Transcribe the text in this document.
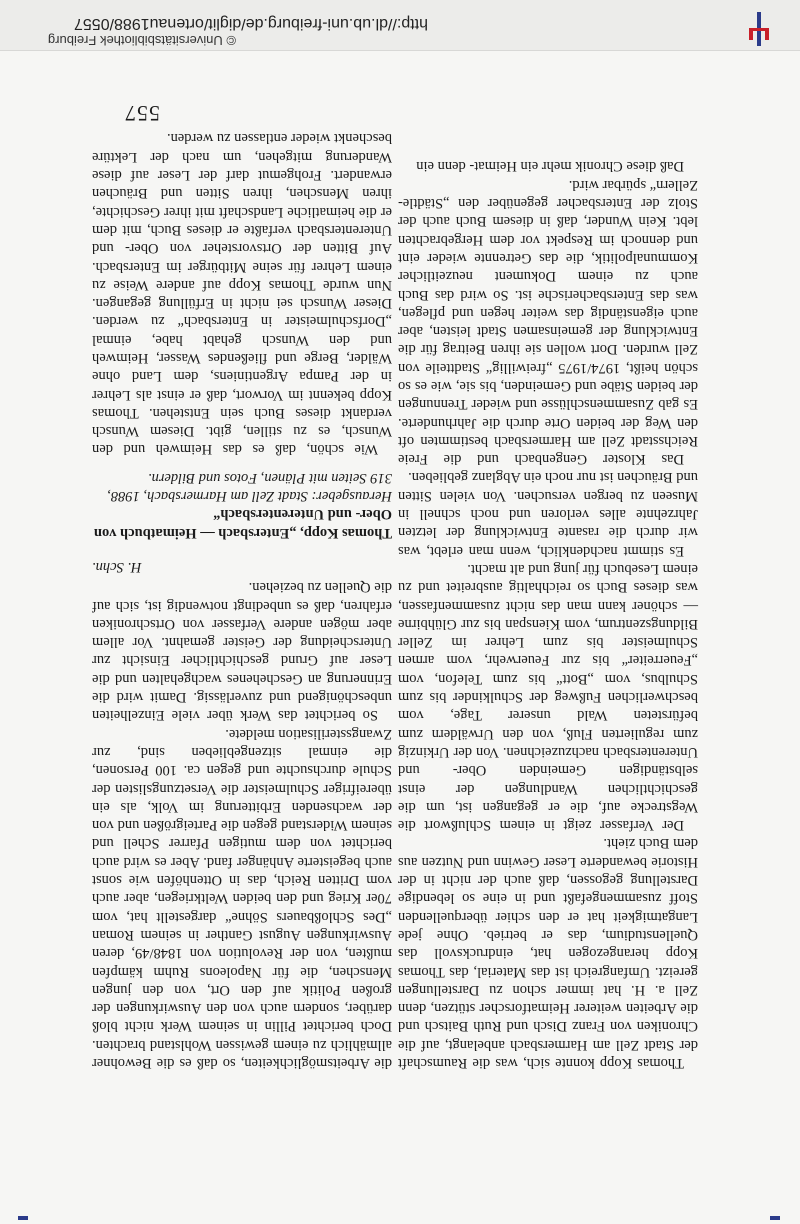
557

Thomas Kopp konnte sich, was die Raumschaft der Stadt Zell am Harmersbach anbelangt, auf die Chroniken von Franz Disch und Ruth Baitsch und die Arbeiten weiterer Heimatforscher stützen, denn Zell a. H. hat immer schon zu Darstellungen gereizt. Umfangreich ist das Material, das Thomas Kopp herangezogen hat, eindrucksvoll das Quellenstudium, das er betrieb. Ohne jede Langatmigkeit hat er den schier überquellenden Stoff zusammengefaßt und in eine so lebendige Darstellung gegossen, daß auch der nicht in der Historie bewanderte Leser Gewinn und Nutzen aus dem Buch zieht.

Der Verfasser zeigt in einem Schlußwort die Wegstrecke auf, die er gegangen ist, um die geschichtlichen Wandlungen der einst selbständigen Gemeinden Ober- und Unterentersbach nachzuzeichnen. Von der Urkinzig zum regulierten Fluß, von den Urwäldern zum befürsteten Wald unserer Tage, vom beschwerlichen Fußweg der Schulkinder bis zum Schulbus, vom „Bott“ bis zum Telefon, vom „Feuerreiter“ bis zur Feuerwehr, vom armen Schulmeister bis zum Lehrer im Zeller Bildungszentrum, vom Kienspan bis zur Glühbirne — schöner kann man das nicht zusammenfassen, was dieses Buch so reichhaltig ausbreitet und zu einem Lesebuch für jung und alt macht.

Es stimmt nachdenklich, wenn man erlebt, was wir durch die rasante Entwicklung der letzten Jahrzehnte alles verloren und noch schnell in Museen zu bergen versuchen. Von vielen Sitten und Bräuchen ist nur noch ein Abglanz geblieben.

Das Kloster Gengenbach und die Freie Reichsstadt Zell am Harmersbach bestimmten oft den Weg der beiden Orte durch die Jahrhunderte. Es gab Zusammenschlüsse und wieder Trennungen der beiden Stäbe und Gemeinden, bis sie, wie es so schön heißt, 1974/1975 „freiwillig“ Stadtteile von Zell wurden. Dort wollen sie ihren Beitrag für die Entwicklung der gemeinsamen Stadt leisten, aber auch eigenständig das weiter hegen und pflegen, was das Entersbacherische ist. So wird das Buch auch zu einem Dokument neuzeitlicher Kommunalpolitik, die das Getrennte wieder eint und dennoch im Respekt vor dem Hergebrachten lebt. Kein Wunder, daß in diesem Buch auch der Stolz der Entersbacher gegenüber den „Städtle-Zellern“ spürbar wird.

Daß diese Chronik mehr ein Heimat- denn ein

die Arbeitsmöglichkeiten, so daß es die Bewohner allmählich zu einem gewissen Wohlstand brachten. Doch berichtet Pillin in seinem Werk nicht bloß darüber, sondern auch von den Auswirkungen der großen Politik auf den Ort, von den jungen Menschen, die für Napoleons Ruhm kämpfen mußten, von der Revolution von 1848/49, deren Auswirkungen August Ganther in seinem Roman „Des Schloßbauers Söhne“ dargestellt hat, vom 70er Krieg und den beiden Weltkriegen, aber auch vom Dritten Reich, das in Ottenhöfen wie sonst auch begeisterte Anhänger fand. Aber es wird auch berichtet von dem mutigen Pfarrer Schell und seinem Widerstand gegen die Parteigrößen und von der wachsenden Erbitterung im Volk, als ein übereifriger Schulmeister die Versetzungslisten der Schule durchsuchte und gegen ca. 100 Personen, die einmal sitzengeblieben sind, zur Zwangssterilisation meldete.

So berichtet das Werk über viele Einzelheiten unbeschönigend und zuverlässig. Damit wird die Erinnerung an Geschehenes wachgehalten und die Leser auf Grund geschichtlicher Einsicht zur Unterscheidung der Geister gemahnt. Vor allem aber mögen andere Verfasser von Ortschroniken erfahren, daß es unbedingt notwendig ist, sich auf die Quellen zu beziehen.

H. Schn.

Thomas Kopp, „Entersbach — Heimatbuch von Ober- und Unterentersbach“

Herausgeber: Stadt Zell am Harmersbach, 1988, 319 Seiten mit Plänen, Fotos und Bildern.

Wie schön, daß es das Heimweh und den Wunsch, es zu stillen, gibt. Diesem Wunsch verdankt dieses Buch sein Entstehen. Thomas Kopp bekennt im Vorwort, daß er einst als Lehrer in der Pampa Argentiniens, dem Land ohne Wälder, Berge und fließendes Wasser, Heimweh und den Wunsch gehabt habe, einmal „Dorfschulmeister in Entersbach“ zu werden. Dieser Wunsch sei nicht in Erfüllung gegangen. Nun wurde Thomas Kopp auf andere Weise zu einem Lehrer für seine Mitbürger im Entersbach. Auf Bitten der Ortsvorsteher von Ober- und Unterentersbach verfaßte er dieses Buch, mit dem er die heimatliche Landschaft mit ihrer Geschichte, ihren Menschen, ihren Sitten und Bräuchen erwandert. Frohgemut darf der Leser auf diese Wanderung mitgehen, um nach der Lektüre beschenkt wieder entlassen zu werden.

© Universitätsbibliothek Freiburg
http://dl.ub.uni-freiburg.de/diglit/ortenau1988/0557
